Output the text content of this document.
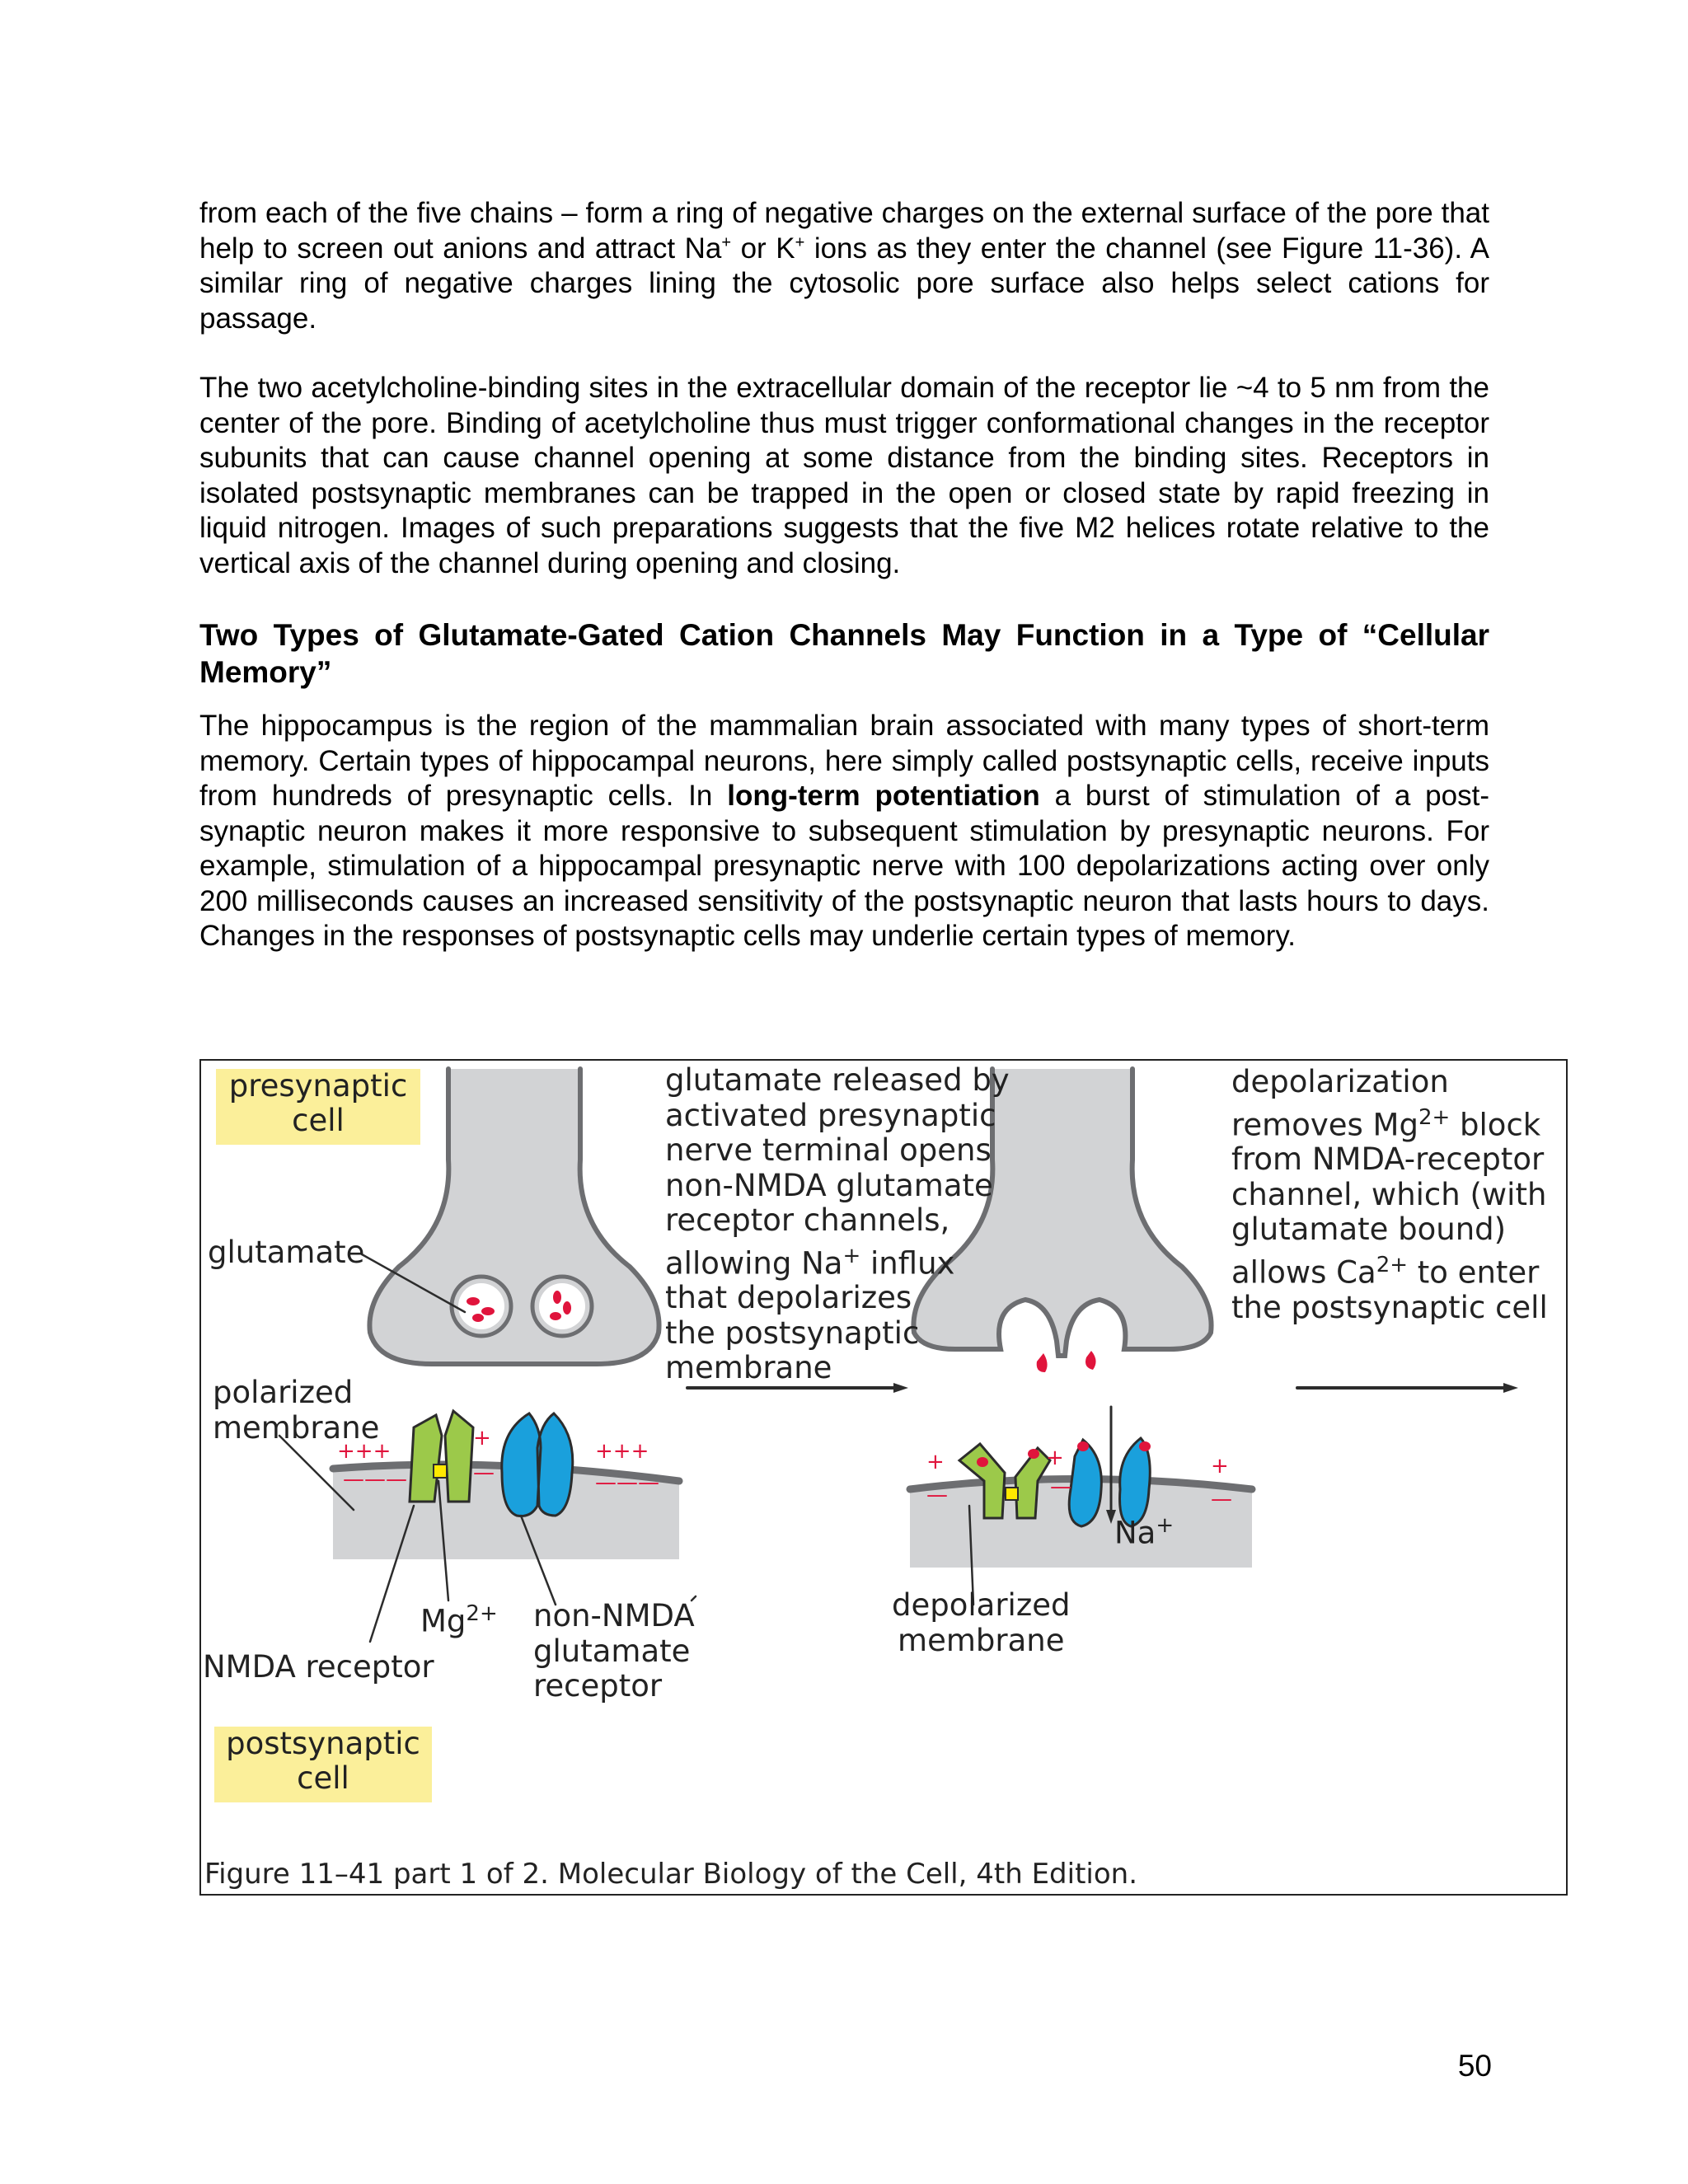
from each of the five chains – form a ring of negative charges on the external surface of the pore that help to screen out anions and attract Na+ or K+ ions as they enter the channel (see Figure 11-36). A similar ring of negative charges lining the cytosolic pore surface also helps select cations for passage.

The two acetylcholine-binding sites in the extracellular domain of the receptor lie ~4 to 5 nm from the center of the pore. Binding of acetylcholine thus must trigger conformational changes in the receptor subunits that can cause channel opening at some distance from the binding sites. Receptors in isolated postsynaptic membranes can be trapped in the open or closed state by rapid freezing in liquid nitrogen. Images of such preparations suggests that the five M2 helices rotate relative to the vertical axis of the channel during opening and closing.

Two Types of Glutamate-Gated Cation Channels May Function in a Type of “Cellular Memory”

The hippocampus is the region of the mammalian brain associated with many types of short-term memory. Certain types of hippocampal neurons, here simply called postsynaptic cells, receive inputs from hundreds of presynaptic cells. In long-term potentiation a burst of stimulation of a post-synaptic neuron makes it more responsive to subsequent stimulation by presynaptic neurons. For example, stimulation of a hippocampal presynaptic nerve with 100 depolarizations acting over only 200 milliseconds causes an increased sensitivity of the postsynaptic neuron that lasts hours to days. Changes in the responses of postsynaptic cells may underlie certain types of memory.

+++
+
+++
———	—	———
+	+	+
—	—	—
presynaptic
cell

glutamate

polarized
membrane

$Mg^{2+}$ non-NMDA
glutamate
receptor

NMDA receptor

postsynaptic
cell
glutamate released by
activated presynaptic
nerve terminal opens
non-NMDA glutamate
receptor channels,
allowing Na+ influx
that depolarizes
the postsynaptic
membrane
depolarization
removes $Mg^{2+}$ block
from NMDA-receptor
channel, which (with
glutamate bound)
allows $Ca^{2+}$ to enter
the postsynaptic cell

Na+

depolarized
membrane

Figure 11–41 part 1 of 2. Molecular Biology of the Cell, 4th Edition.

50
